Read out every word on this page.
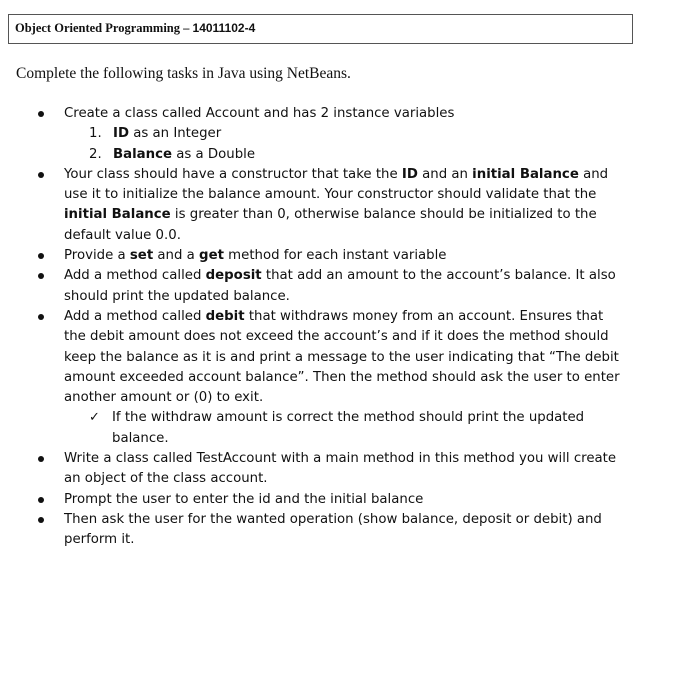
Object Oriented Programming – 14011102-4
Complete the following tasks in Java using NetBeans.
Create a class called Account and has 2 instance variables
1. ID as an Integer
2. Balance as a Double
Your class should have a constructor that take the ID and an initial Balance and use it to initialize the balance amount. Your constructor should validate that the initial Balance is greater than 0, otherwise balance should be initialized to the default value 0.0.
Provide a set and a get method for each instant variable
Add a method called deposit that add an amount to the account’s balance. It also should print the updated balance.
Add a method called debit that withdraws money from an account. Ensures that the debit amount does not exceed the account’s and if it does the method should keep the balance as it is and print a message to the user indicating that “The debit amount exceeded account balance”. Then the method should ask the user to enter another amount or (0) to exit.
✓ If the withdraw amount is correct the method should print the updated balance.
Write a class called TestAccount with a main method in this method you will create an object of the class account.
Prompt the user to enter the id and the initial balance
Then ask the user for the wanted operation (show balance, deposit or debit) and perform it.
